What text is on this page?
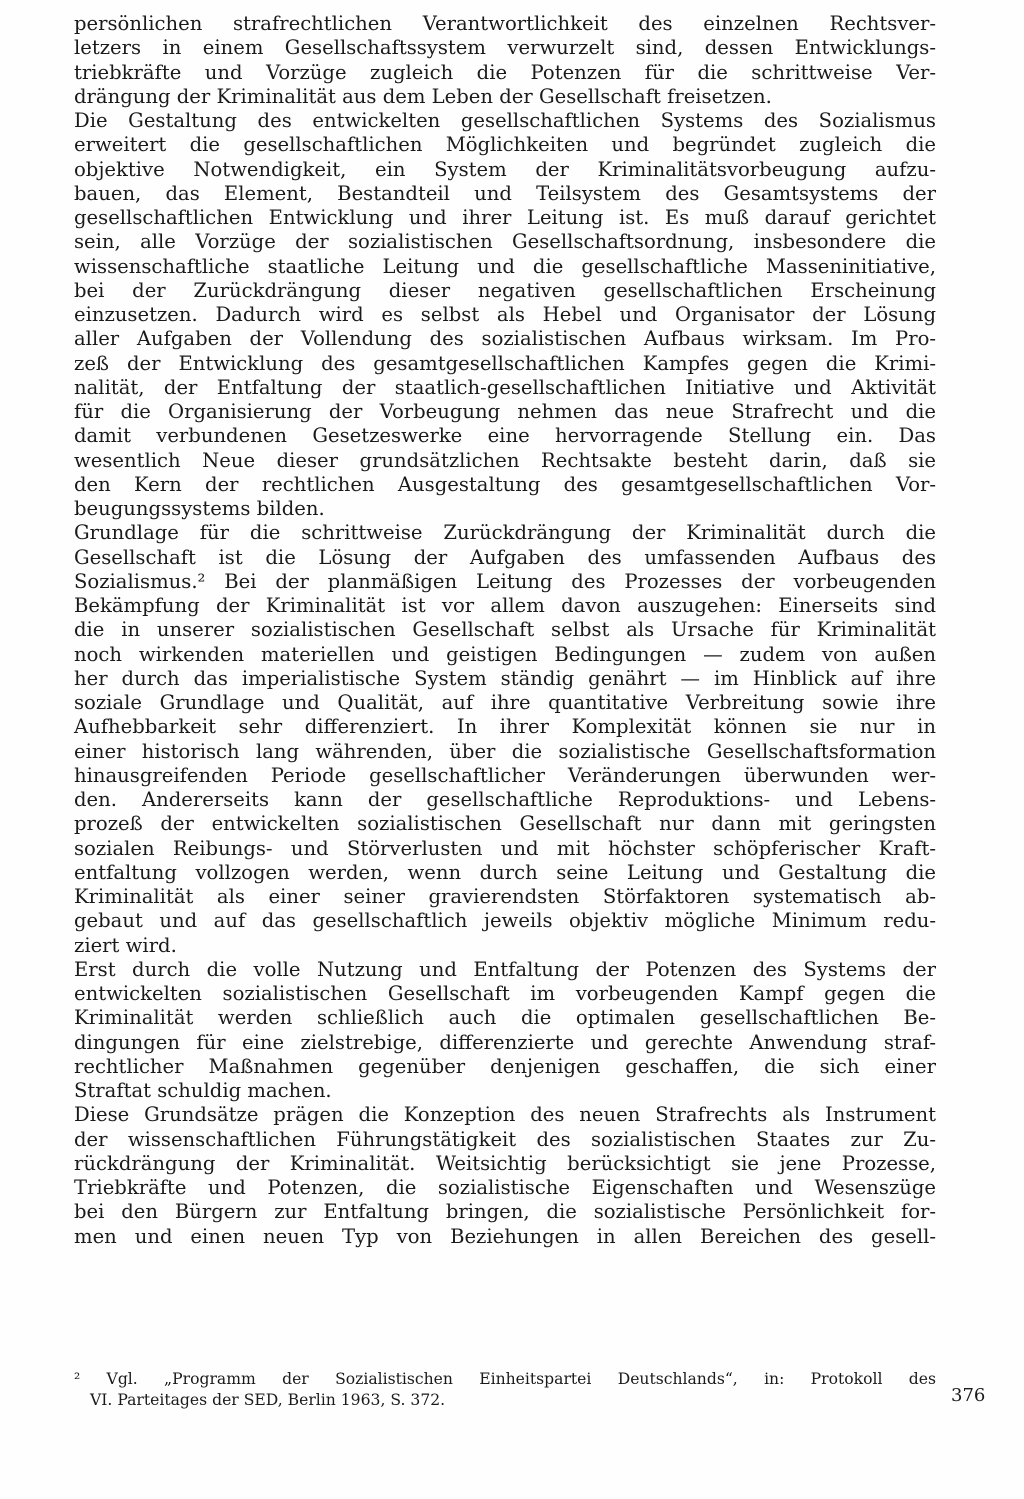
persönlichen strafrechtlichen Verantwortlichkeit des einzelnen Rechtsver-
letzers in einem Gesellschaftssystem verwurzelt sind, dessen Entwicklungs-
triebkräfte und Vorzüge zugleich die Potenzen für die schrittweise Ver-
drängung der Kriminalität aus dem Leben der Gesellschaft freisetzen.
Die Gestaltung des entwickelten gesellschaftlichen Systems des Sozialismus
erweitert die gesellschaftlichen Möglichkeiten und begründet zugleich die
objektive Notwendigkeit, ein System der Kriminalitätsvorbeugung aufzu-
bauen, das Element, Bestandteil und Teilsystem des Gesamtsystems der
gesellschaftlichen Entwicklung und ihrer Leitung ist. Es muß darauf gerichtet
sein, alle Vorzüge der sozialistischen Gesellschaftsordnung, insbesondere die
wissenschaftliche staatliche Leitung und die gesellschaftliche Masseninitiative,
bei der Zurückdrängung dieser negativen gesellschaftlichen Erscheinung
einzusetzen. Dadurch wird es selbst als Hebel und Organisator der Lösung
aller Aufgaben der Vollendung des sozialistischen Aufbaus wirksam. Im Pro-
zeß der Entwicklung des gesamtgesellschaftlichen Kampfes gegen die Krimi-
nalität, der Entfaltung der staatlich-gesellschaftlichen Initiative und Aktivität
für die Organisierung der Vorbeugung nehmen das neue Strafrecht und die
damit verbundenen Gesetzeswerke eine hervorragende Stellung ein. Das
wesentlich Neue dieser grundsätzlichen Rechtsakte besteht darin, daß sie
den Kern der rechtlichen Ausgestaltung des gesamtgesellschaftlichen Vor-
beugungssystems bilden.
Grundlage für die schrittweise Zurückdrängung der Kriminalität durch die
Gesellschaft ist die Lösung der Aufgaben des umfassenden Aufbaus des
Sozialismus.² Bei der planmäßigen Leitung des Prozesses der vorbeugenden
Bekämpfung der Kriminalität ist vor allem davon auszugehen: Einerseits sind
die in unserer sozialistischen Gesellschaft selbst als Ursache für Kriminalität
noch wirkenden materiellen und geistigen Bedingungen — zudem von außen
her durch das imperialistische System ständig genährt — im Hinblick auf ihre
soziale Grundlage und Qualität, auf ihre quantitative Verbreitung sowie ihre
Aufhebbarkeit sehr differenziert. In ihrer Komplexität können sie nur in
einer historisch lang währenden, über die sozialistische Gesellschaftsformation
hinausgreifenden Periode gesellschaftlicher Veränderungen überwunden wer-
den. Andererseits kann der gesellschaftliche Reproduktions- und Lebens-
prozeß der entwickelten sozialistischen Gesellschaft nur dann mit geringsten
sozialen Reibungs- und Störverlusten und mit höchster schöpferischer Kraft-
entfaltung vollzogen werden, wenn durch seine Leitung und Gestaltung die
Kriminalität als einer seiner gravierendsten Störfaktoren systematisch ab-
gebaut und auf das gesellschaftlich jeweils objektiv mögliche Minimum redu-
ziert wird.
Erst durch die volle Nutzung und Entfaltung der Potenzen des Systems der
entwickelten sozialistischen Gesellschaft im vorbeugenden Kampf gegen die
Kriminalität werden schließlich auch die optimalen gesellschaftlichen Be-
dingungen für eine zielstrebige, differenzierte und gerechte Anwendung straf-
rechtlicher Maßnahmen gegenüber denjenigen geschaffen, die sich einer
Straftat schuldig machen.
Diese Grundsätze prägen die Konzeption des neuen Strafrechts als Instrument
der wissenschaftlichen Führungstätigkeit des sozialistischen Staates zur Zu-
rückdrängung der Kriminalität. Weitsichtig berücksichtigt sie jene Prozesse,
Triebkräfte und Potenzen, die sozialistische Eigenschaften und Wesenszüge
bei den Bürgern zur Entfaltung bringen, die sozialistische Persönlichkeit for-
men und einen neuen Typ von Beziehungen in allen Bereichen des gesell-
² Vgl. „Programm der Sozialistischen Einheitspartei Deutschlands“, in: Protokoll des
VI. Parteitages der SED, Berlin 1963, S. 372.	376
